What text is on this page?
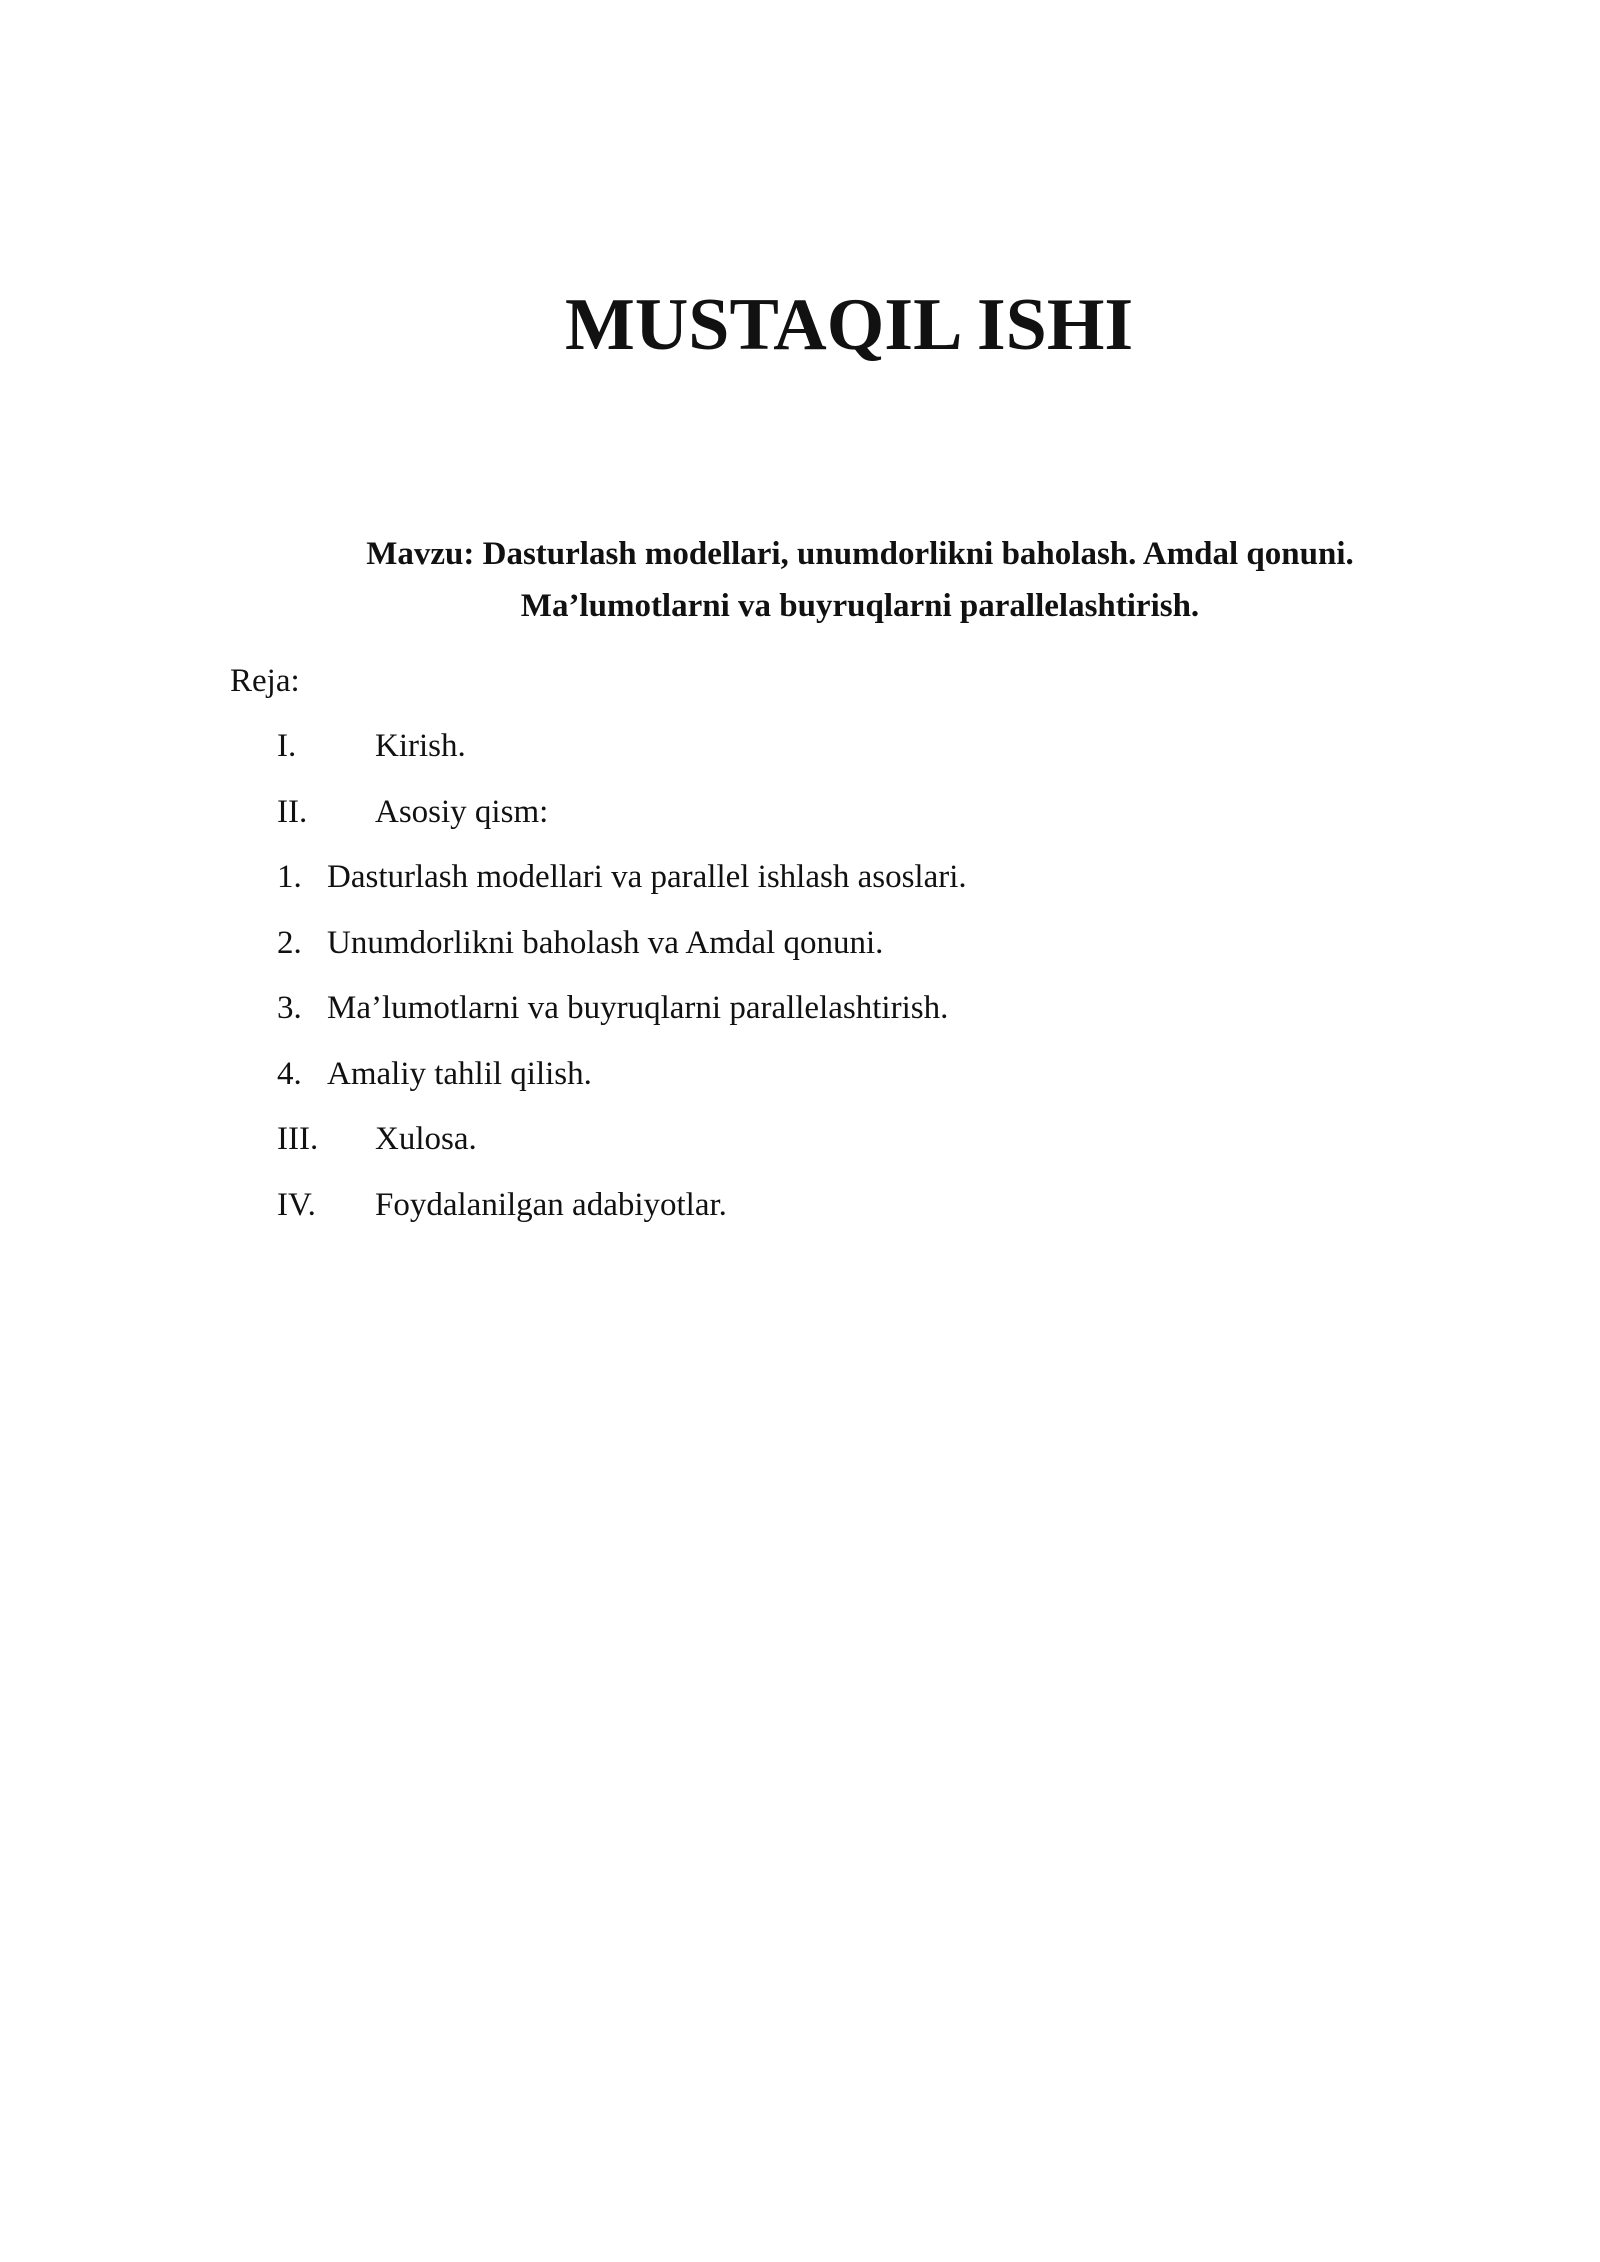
MUSTAQIL ISHI

Mavzu: Dasturlash modellari, unumdorlikni baholash. Amdal qonuni.
Ma’lumotlarni va buyruqlarni parallelashtirish.

Reja:

I. Kirish.
II. Asosiy qism:
1. Dasturlash modellari va parallel ishlash asoslari.
2. Unumdorlikni baholash va Amdal qonuni.
3. Ma’lumotlarni va buyruqlarni parallelashtirish.
4. Amaliy tahlil qilish.
III. Xulosa.
IV. Foydalanilgan adabiyotlar.
